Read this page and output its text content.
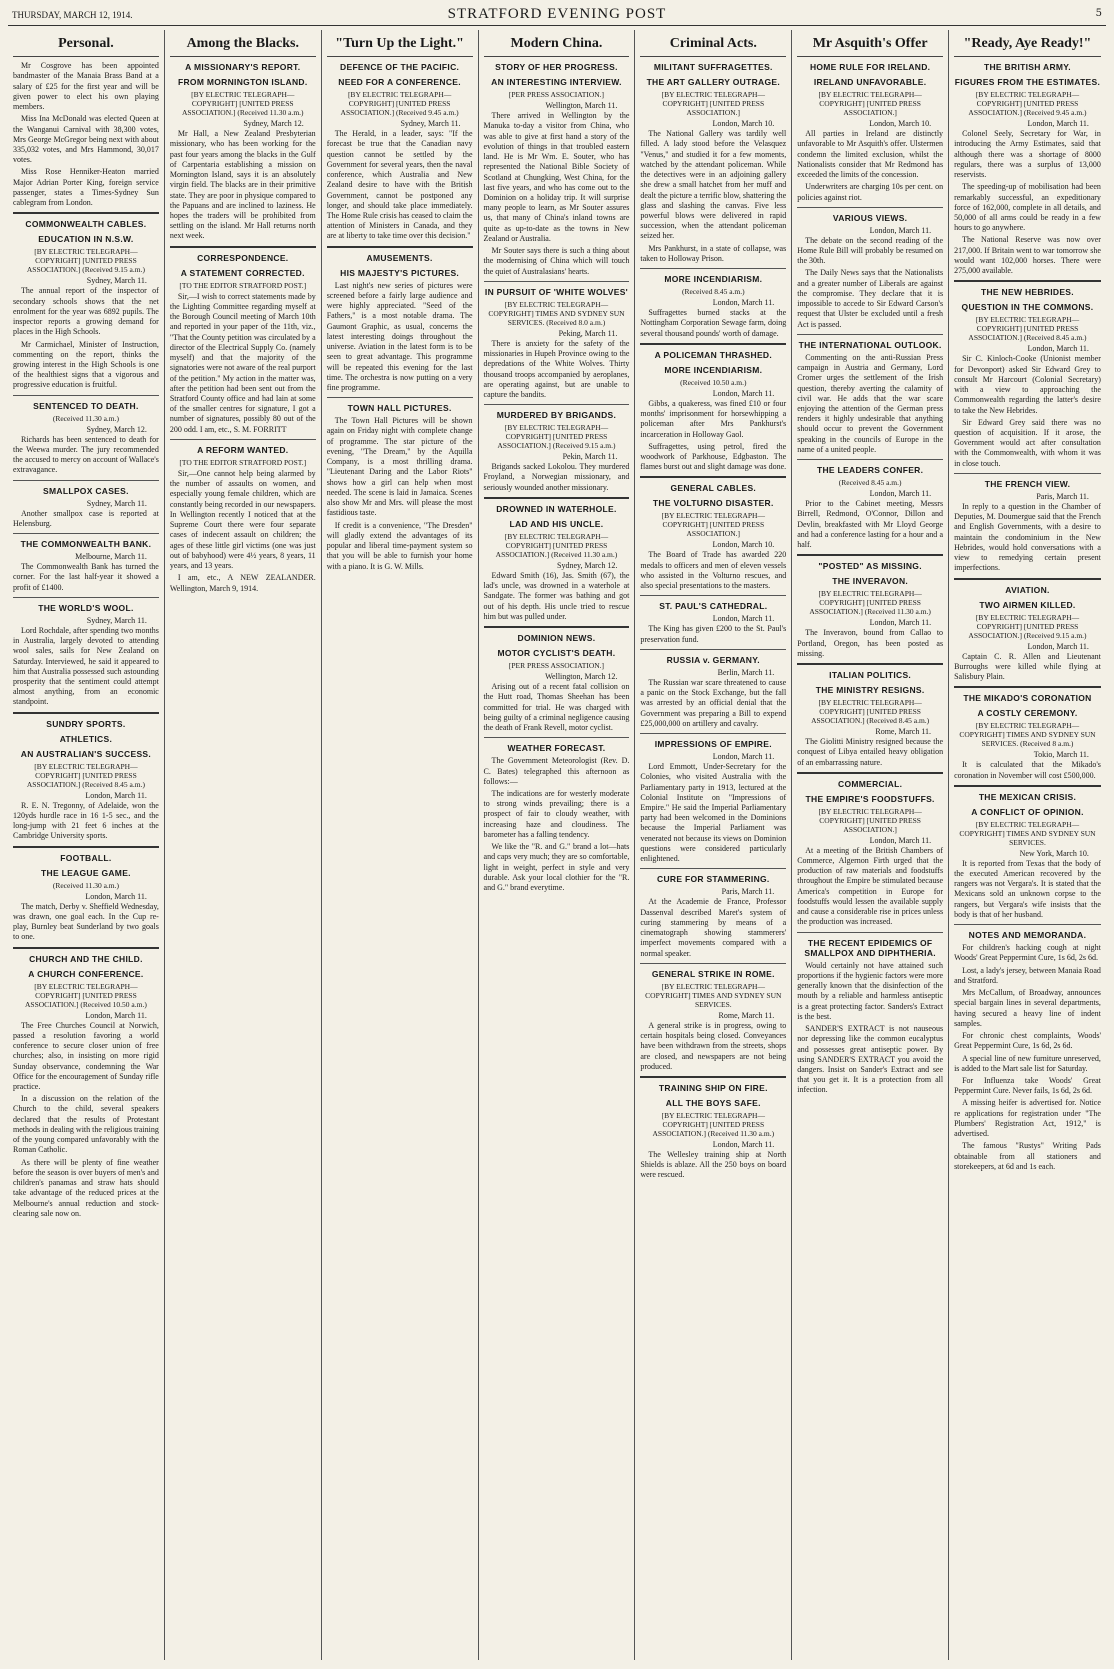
THURSDAY, MARCH 12, 1914.	STRATFORD EVENING POST	5
Personal.

Mr Cosgrove has been appointed bandmaster of the Manaia Brass Band at a salary of £25 for the first year and will be given power to elect his own playing members.

Miss Ina McDonald was elected Queen at the Wanganui Carnival with 38,300 votes, Mrs George McGregor being next with about 335,032 votes, and Mrs Hammond, 30,017 votes.

Miss Rose Henniker-Heaton married Major Adrian Porter King, foreign service passenger, states a Times-Sydney Sun cablegram from London.

COMMONWEALTH CABLES.
EDUCATION IN N.S.W.
[BY ELECTRIC TELEGRAPH—COPYRIGHT] [UNITED PRESS ASSOCIATION.] (Received 9.15 a.m.)
Sydney, March 11.

The annual report of the inspector of secondary schools shows that the net enrolment for the year was 6892 pupils. The inspector reports a growing demand for places in the High Schools.

Mr Carmichael, Minister of Instruction, commenting on the report, thinks the growing interest in the High Schools is one of the healthiest signs that a vigorous and progressive education is fruitful.

SENTENCED TO DEATH.
(Received 11.30 a.m.)
Sydney, March 12.

Richards has been sentenced to death for the Weewa murder. The jury recommended the accused to mercy on account of Wallace's extravagance.

SMALLPOX CASES.
Sydney, March 11.

Another smallpox case is reported at Helensburg.

THE COMMONWEALTH BANK.
Melbourne, March 11.

The Commonwealth Bank has turned the corner. For the last half-year it showed a profit of £1400.

THE WORLD'S WOOL.
Sydney, March 11.

Lord Rochdale, after spending two months in Australia, largely devoted to attending wool sales, sails for New Zealand on Saturday. Interviewed, he said it appeared to him that Australia possessed such astounding prosperity that the sentiment could attempt almost anything, from an economic standpoint.

SUNDRY SPORTS.
ATHLETICS.
AN AUSTRALIAN'S SUCCESS.
[BY ELECTRIC TELEGRAPH—COPYRIGHT] [UNITED PRESS ASSOCIATION.] (Received 8.45 a.m.)
London, March 11.

R. E. N. Tregonny, of Adelaide, won the 120yds hurdle race in 16 1-5 sec., and the long-jump with 21 feet 6 inches at the Cambridge University sports.

FOOTBALL.
THE LEAGUE GAME.
(Received 11.30 a.m.)
London, March 11.

The match, Derby v. Sheffield Wednesday, was drawn, one goal each. In the Cup re-play, Burnley beat Sunderland by two goals to one.

CHURCH AND THE CHILD.
A CHURCH CONFERENCE.
[BY ELECTRIC TELEGRAPH—COPYRIGHT] [UNITED PRESS ASSOCIATION.] (Received 10.50 a.m.)
London, March 11.

The Free Churches Council at Norwich, passed a resolution favoring a world conference to secure closer union of free churches; also, in insisting on more rigid Sunday observance, condemning the War Office for the encouragement of Sunday rifle practice.

In a discussion on the relation of the Church to the child, several speakers declared that the results of Protestant methods in dealing with the religious training of the young compared unfavorably with the Roman Catholic.

As there will be plenty of fine weather before the season is over buyers of men's and children's panamas and straw hats should take advantage of the reduced prices at the Melbourne's annual reduction and stock-clearing sale now on.

Among the Blacks.
A MISSIONARY'S REPORT.
FROM MORNINGTON ISLAND.
[BY ELECTRIC TELEGRAPH—COPYRIGHT] [UNITED PRESS ASSOCIATION.] (Received 11.30 a.m.)
Sydney, March 12.

Mr Hall, a New Zealand Presbyterian missionary, who has been working for the past four years among the blacks in the Gulf of Carpentaria establishing a mission on Mornington Island, says it is an absolutely virgin field. The blacks are in their primitive state. They are poor in physique compared to the Papuans and are inclined to laziness. He hopes the traders will be prohibited from settling on the island. Mr Hall returns north next week.

CORRESPONDENCE.
A STATEMENT CORRECTED.
[TO THE EDITOR STRATFORD POST.]

Sir,—I wish to correct statements made by the Lighting Committee regarding myself at the Borough Council meeting of March 10th and reported in your paper of the 11th, viz., "That the County petition was circulated by a director of the Electrical Supply Co. (namely myself) and that the majority of the signatories were not aware of the real purport of the petition." My action in the matter was, after the petition had been sent out from the Stratford County office and had lain at some of the smaller centres for signature, I got a number of signatures, possibly 80 out of the 200 odd. I am, etc., S. M. FORRITT

A REFORM WANTED.
[TO THE EDITOR STRATFORD POST.]

Sir,—One cannot help being alarmed by the number of assaults on women, and especially young female children, which are constantly being recorded in our newspapers. In Wellington recently I noticed that at the Supreme Court there were four separate cases of indecent assault on children; the ages of these little girl victims (one was just out of babyhood) were 4½ years, 8 years, 11 years, and 13 years.

I am, etc., A NEW ZEALANDER. Wellington, March 9, 1914.

"Turn Up the Light."
DEFENCE OF THE PACIFIC.
NEED FOR A CONFERENCE.
[BY ELECTRIC TELEGRAPH—COPYRIGHT] [UNITED PRESS ASSOCIATION.] (Received 9.45 a.m.)
Sydney, March 11.

The Herald, in a leader, says: "If the forecast be true that the Canadian navy question cannot be settled by the Government for several years, then the naval conference, which Australia and New Zealand desire to have with the British Government, cannot be postponed any longer, and should take place immediately. The Home Rule crisis has ceased to claim the attention of Ministers in Canada, and they are at liberty to take time over this decision."

AMUSEMENTS.
HIS MAJESTY'S PICTURES.

Last night's new series of pictures were screened before a fairly large audience and were highly appreciated. "Seed of the Fathers," is a most notable drama. The Gaumont Graphic, as usual, concerns the latest interesting doings throughout the universe. Aviation in the latest form is to be seen to great advantage. This programme will be repeated this evening for the last time. The orchestra is now putting on a very fine programme.

TOWN HALL PICTURES.

The Town Hall Pictures will be shown again on Friday night with complete change of programme. The star picture of the evening, "The Dream," by the Aquilla Company, is a most thrilling drama. "Lieutenant Daring and the Labor Riots" shows how a girl can help when most needed. The scene is laid in Jamaica. Scenes also show Mr and Mrs. will please the most fastidious taste.

If credit is a convenience, "The Dresden" will gladly extend the advantages of its popular and liberal time-payment system so that you will be able to furnish your home with a piano. It is G. W. Mills.

Modern China.
STORY OF HER PROGRESS.
AN INTERESTING INTERVIEW.
[PER PRESS ASSOCIATION.]
Wellington, March 11.

There arrived in Wellington by the Manuka to-day a visitor from China, who was able to give at first hand a story of the evolution of things in that troubled eastern land. He is Mr Wm. E. Souter, who has represented the National Bible Society of Scotland at Chungking, West China, for the last five years, and who has come out to the Dominion on a holiday trip. It will surprise many people to learn, as Mr Souter assures us, that many of China's inland towns are quite as up-to-date as the towns in New Zealand or Australia.

Mr Souter says there is such a thing about the modernising of China which will touch the quiet of Australasians' hearts.

IN PURSUIT OF 'WHITE WOLVES'
[BY ELECTRIC TELEGRAPH—COPYRIGHT] TIMES AND SYDNEY SUN SERVICES. (Received 8.0 a.m.)
Peking, March 11.

There is anxiety for the safety of the missionaries in Hupeh Province owing to the depredations of the White Wolves. Thirty thousand troops accompanied by aeroplanes, are operating against, but are unable to capture the bandits.

MURDERED BY BRIGANDS.
[BY ELECTRIC TELEGRAPH—COPYRIGHT] [UNITED PRESS ASSOCIATION.] (Received 9.15 a.m.)
Pekin, March 11.

Brigands sacked Lokolou. They murdered Froyland, a Norwegian missionary, and seriously wounded another missionary.

DROWNED IN WATERHOLE.
LAD AND HIS UNCLE.
[BY ELECTRIC TELEGRAPH—COPYRIGHT] [UNITED PRESS ASSOCIATION.] (Received 11.30 a.m.)
Sydney, March 12.

Edward Smith (16), Jas. Smith (67), the lad's uncle, was drowned in a waterhole at Sandgate. The former was bathing and got out of his depth. His uncle tried to rescue him but was pulled under.

DOMINION NEWS.
MOTOR CYCLIST'S DEATH.
[PER PRESS ASSOCIATION.]
Wellington, March 12.

Arising out of a recent fatal collision on the Hutt road, Thomas Sheehan has been committed for trial. He was charged with being guilty of a criminal negligence causing the death of Frank Revell, motor cyclist.

WEATHER FORECAST.

The Government Meteorologist (Rev. D. C. Bates) telegraphed this afternoon as follows:—

The indications are for westerly moderate to strong winds prevailing; there is a prospect of fair to cloudy weather, with increasing haze and cloudiness. The barometer has a falling tendency.

We like the "R. and G." brand a lot—hats and caps very much; they are so comfortable, light in weight, perfect in style and very durable. Ask your local clothier for the "R. and G." brand everytime.

Criminal Acts.
MILITANT SUFFRAGETTES.
THE ART GALLERY OUTRAGE.
[BY ELECTRIC TELEGRAPH—COPYRIGHT] [UNITED PRESS ASSOCIATION.]
London, March 10.

The National Gallery was tardily well filled. A lady stood before the Velasquez "Venus," and studied it for a few moments, watched by the attendant policeman. While the detectives were in an adjoining gallery she drew a small hatchet from her muff and dealt the picture a terrific blow, shattering the glass and slashing the canvas. Five less powerful blows were delivered in rapid succession, when the attendant policeman seized her.

Mrs Pankhurst, in a state of collapse, was taken to Holloway Prison.

MORE INCENDIARISM.
(Received 8.45 a.m.)
London, March 11.

Suffragettes burned stacks at the Nottingham Corporation Sewage farm, doing several thousand pounds' worth of damage.

A POLICEMAN THRASHED.
MORE INCENDIARISM.
(Received 10.50 a.m.)
London, March 11.

Gibbs, a quakeress, was fined £10 or four months' imprisonment for horsewhipping a policeman after Mrs Pankhurst's incarceration in Holloway Gaol.

Suffragettes, using petrol, fired the woodwork of Parkhouse, Edgbaston. The flames burst out and slight damage was done.

GENERAL CABLES.
THE VOLTURNO DISASTER.
[BY ELECTRIC TELEGRAPH—COPYRIGHT] [UNITED PRESS ASSOCIATION.]
London, March 10.

The Board of Trade has awarded 220 medals to officers and men of eleven vessels who assisted in the Volturno rescues, and also special presentations to the masters.

ST. PAUL'S CATHEDRAL.
London, March 11.

The King has given £200 to the St. Paul's preservation fund.

RUSSIA v. GERMANY.
Berlin, March 11.

The Russian war scare threatened to cause a panic on the Stock Exchange, but the fall was arrested by an official denial that the Government was preparing a Bill to expend £25,000,000 on artillery and cavalry.

IMPRESSIONS OF EMPIRE.
London, March 11.

Lord Emmott, Under-Secretary for the Colonies, who visited Australia with the Parliamentary party in 1913, lectured at the Colonial Institute on "Impressions of Empire." He said the Imperial Parliamentary party had been welcomed in the Dominions because the Imperial Parliament was venerated not because its views on Dominion questions were considered particularly enlightened.

CURE FOR STAMMERING.
Paris, March 11.

At the Academie de France, Professor Dassenval described Maret's system of curing stammering by means of a cinematograph showing stammerers' imperfect movements compared with a normal speaker.

GENERAL STRIKE IN ROME.
[BY ELECTRIC TELEGRAPH—COPYRIGHT] TIMES AND SYDNEY SUN SERVICES.
Rome, March 11.

A general strike is in progress, owing to certain hospitals being closed. Conveyances have been withdrawn from the streets, shops are closed, and newspapers are not being produced.

TRAINING SHIP ON FIRE.
ALL THE BOYS SAFE.
[BY ELECTRIC TELEGRAPH—COPYRIGHT] [UNITED PRESS ASSOCIATION.] (Received 11.30 a.m.)
London, March 11.

The Wellesley training ship at North Shields is ablaze. All the 250 boys on board were rescued.

Mr Asquith's Offer
HOME RULE FOR IRELAND.
IRELAND UNFAVORABLE.
[BY ELECTRIC TELEGRAPH—COPYRIGHT] [UNITED PRESS ASSOCIATION.]
London, March 10.

All parties in Ireland are distinctly unfavorable to Mr Asquith's offer. Ulstermen condemn the limited exclusion, whilst the Nationalists consider that Mr Redmond has exceeded the limits of the concession.

Underwriters are charging 10s per cent. on policies against riot.

VARIOUS VIEWS.
London, March 11.

The debate on the second reading of the Home Rule Bill will probably be resumed on the 30th.

The Daily News says that the Nationalists and a greater number of Liberals are against the compromise. They declare that it is impossible to accede to Sir Edward Carson's request that Ulster be excluded until a fresh Act is passed.

THE INTERNATIONAL OUTLOOK.

Commenting on the anti-Russian Press campaign in Austria and Germany, Lord Cromer urges the settlement of the Irish question, thereby averting the calamity of civil war. He adds that the war scare enjoying the attention of the German press renders it highly undesirable that anything should occur to prevent the Government speaking in the councils of Europe in the name of a united people.

THE LEADERS CONFER.
(Received 8.45 a.m.)
London, March 11.

Prior to the Cabinet meeting, Messrs Birrell, Redmond, O'Connor, Dillon and Devlin, breakfasted with Mr Lloyd George and had a conference lasting for a hour and a half.

"POSTED" AS MISSING.
THE INVERAVON.
[BY ELECTRIC TELEGRAPH—COPYRIGHT] [UNITED PRESS ASSOCIATION.] (Received 11.30 a.m.)
London, March 11.

The Inveravon, bound from Callao to Portland, Oregon, has been posted as missing.

ITALIAN POLITICS.
THE MINISTRY RESIGNS.
[BY ELECTRIC TELEGRAPH—COPYRIGHT] [UNITED PRESS ASSOCIATION.] (Received 8.45 a.m.)
Rome, March 11.

The Giolitti Ministry resigned because the conquest of Libya entailed heavy obligation of an embarrassing nature.

COMMERCIAL.
THE EMPIRE'S FOODSTUFFS.
[BY ELECTRIC TELEGRAPH—COPYRIGHT] [UNITED PRESS ASSOCIATION.]
London, March 11.

At a meeting of the British Chambers of Commerce, Algernon Firth urged that the production of raw materials and foodstuffs throughout the Empire be stimulated because America's competition in Europe for foodstuffs would lessen the available supply and cause a considerable rise in prices unless the production was increased.

THE RECENT EPIDEMICS OF SMALLPOX AND DIPHTHERIA.

Would certainly not have attained such proportions if the hygienic factors were more generally known that the disinfection of the mouth by a reliable and harmless antiseptic is a great protecting factor. Sanders's Extract is the best.

SANDER'S EXTRACT is not nauseous nor depressing like the common eucalyptus and possesses great antiseptic power. By using SANDER'S EXTRACT you avoid the dangers. Insist on Sander's Extract and see that you get it. It is a protection from all infection.

"Ready, Aye Ready!"
THE BRITISH ARMY.
FIGURES FROM THE ESTIMATES.
[BY ELECTRIC TELEGRAPH—COPYRIGHT] [UNITED PRESS ASSOCIATION.] (Received 9.45 a.m.)
London, March 11.

Colonel Seely, Secretary for War, in introducing the Army Estimates, said that although there was a shortage of 8000 regulars, there was a surplus of 13,000 reservists.

The speeding-up of mobilisation had been remarkably successful, an expeditionary force of 162,000, complete in all details, and 50,000 of all arms could be ready in a few hours to go anywhere.

The National Reserve was now over 217,000. If Britain went to war tomorrow she would want 102,000 horses. There were 275,000 available.

THE NEW HEBRIDES.
QUESTION IN THE COMMONS.
[BY ELECTRIC TELEGRAPH—COPYRIGHT] [UNITED PRESS ASSOCIATION.] (Received 8.45 a.m.)
London, March 11.

Sir C. Kinloch-Cooke (Unionist member for Devonport) asked Sir Edward Grey to consult Mr Harcourt (Colonial Secretary) with a view to approaching the Commonwealth regarding the latter's desire to take the New Hebrides.

Sir Edward Grey said there was no question of acquisition. If it arose, the Government would act after consultation with the Commonwealth, with whom it was in close touch.

THE FRENCH VIEW.
Paris, March 11.

In reply to a question in the Chamber of Deputies, M. Doumergue said that the French and English Governments, with a desire to maintain the condominium in the New Hebrides, would hold conversations with a view to remedying certain present imperfections.

AVIATION.
TWO AIRMEN KILLED.
[BY ELECTRIC TELEGRAPH—COPYRIGHT] [UNITED PRESS ASSOCIATION.] (Received 9.15 a.m.)
London, March 11.

Captain C. R. Allen and Lieutenant Burroughs were killed while flying at Salisbury Plain.

THE MIKADO'S CORONATION
A COSTLY CEREMONY.
[BY ELECTRIC TELEGRAPH—COPYRIGHT] TIMES AND SYDNEY SUN SERVICES. (Received 8 a.m.)
Tokio, March 11.

It is calculated that the Mikado's coronation in November will cost £500,000.

THE MEXICAN CRISIS.
A CONFLICT OF OPINION.
[BY ELECTRIC TELEGRAPH—COPYRIGHT] TIMES AND SYDNEY SUN SERVICES.
New York, March 10.

It is reported from Texas that the body of the executed American recovered by the rangers was not Vergara's. It is stated that the Mexicans sold an unknown corpse to the rangers, but Vergara's wife insists that the body is that of her husband.

NOTES AND MEMORANDA.

For children's hacking cough at night Woods' Great Peppermint Cure, 1s 6d, 2s 6d.

Lost, a lady's jersey, between Manaia Road and Stratford.

Mrs McCallum, of Broadway, announces special bargain lines in several departments, having secured a heavy line of indent samples.

For chronic chest complaints, Woods' Great Peppermint Cure, 1s 6d, 2s 6d.

A special line of new furniture unreserved, is added to the Mart sale list for Saturday.

For Influenza take Woods' Great Peppermint Cure. Never fails, 1s 6d, 2s 6d.

A missing heifer is advertised for. Notice re applications for registration under "The Plumbers' Registration Act, 1912," is advertised.

The famous "Rustys" Writing Pads obtainable from all stationers and storekeepers, at 6d and 1s each.
